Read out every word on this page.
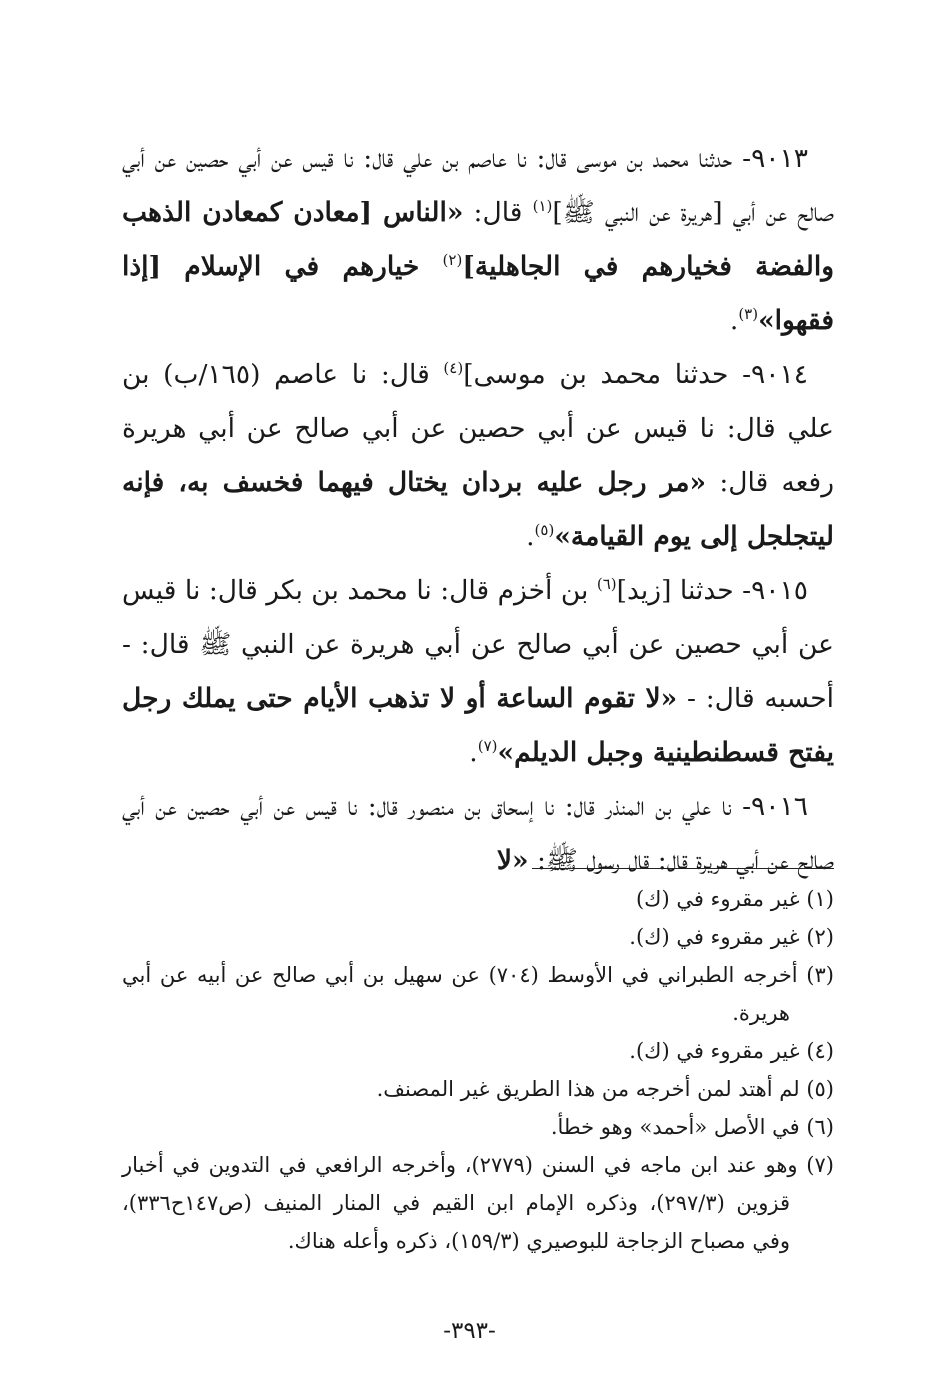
٩٠١٣- حدثنا محمد بن موسى قال: نا عاصم بن علي قال: نا قيس عن أبي حصين عن أبي صالح عن أبي [هريرة عن النبي ﷺ]$^{(١)}$ قال: «الناس [معادن كمعادن الذهب والفضة فخيارهم في الجاهلية]$^{(٢)}$ خيارهم في الإسلام [إذا فقهوا»$^{(٣)}$.

٩٠١٤- حدثنا محمد بن موسى]$^{(٤)}$ قال: نا عاصم (١٦٥/ب) بن علي قال: نا قيس عن أبي حصين عن أبي صالح عن أبي هريرة رفعه قال: «مر رجل عليه بردان يختال فيهما فخسف به، فإنه ليتجلجل إلى يوم القيامة»$^{(٥)}$.

٩٠١٥- حدثنا [زيد]$^{(٦)}$ بن أخزم قال: نا محمد بن بكر قال: نا قيس عن أبي حصين عن أبي صالح عن أبي هريرة عن النبي ﷺ قال: - أحسبه قال: - «لا تقوم الساعة أو لا تذهب الأيام حتى يملك رجل يفتح قسطنطينية وجبل الديلم»$^{(٧)}$.

٩٠١٦- نا علي بن المنذر قال: نا إسحاق بن منصور قال: نا قيس عن أبي حصين عن أبي صالح عن أبي هريرة قال: قال رسول ﷺ: «لا

(١) غير مقروء في (ك)

(٢) غير مقروء في (ك).

(٣) أخرجه الطبراني في الأوسط (٧٠٤) عن سهيل بن أبي صالح عن أبيه عن أبي هريرة.

(٤) غير مقروء في (ك).

(٥) لم أهتد لمن أخرجه من هذا الطريق غير المصنف.

(٦) في الأصل «أحمد» وهو خطأ.

(٧) وهو عند ابن ماجه في السنن (٢٧٧٩)، وأخرجه الرافعي في التدوين في أخبار قزوين (٢٩٧/٣)، وذكره الإمام ابن القيم في المنار المنيف (ص١٤٧ح٣٣٦)، وفي مصباح الزجاجة للبوصيري (١٥٩/٣)، ذكره وأعله هناك.

-٣٩٣-
